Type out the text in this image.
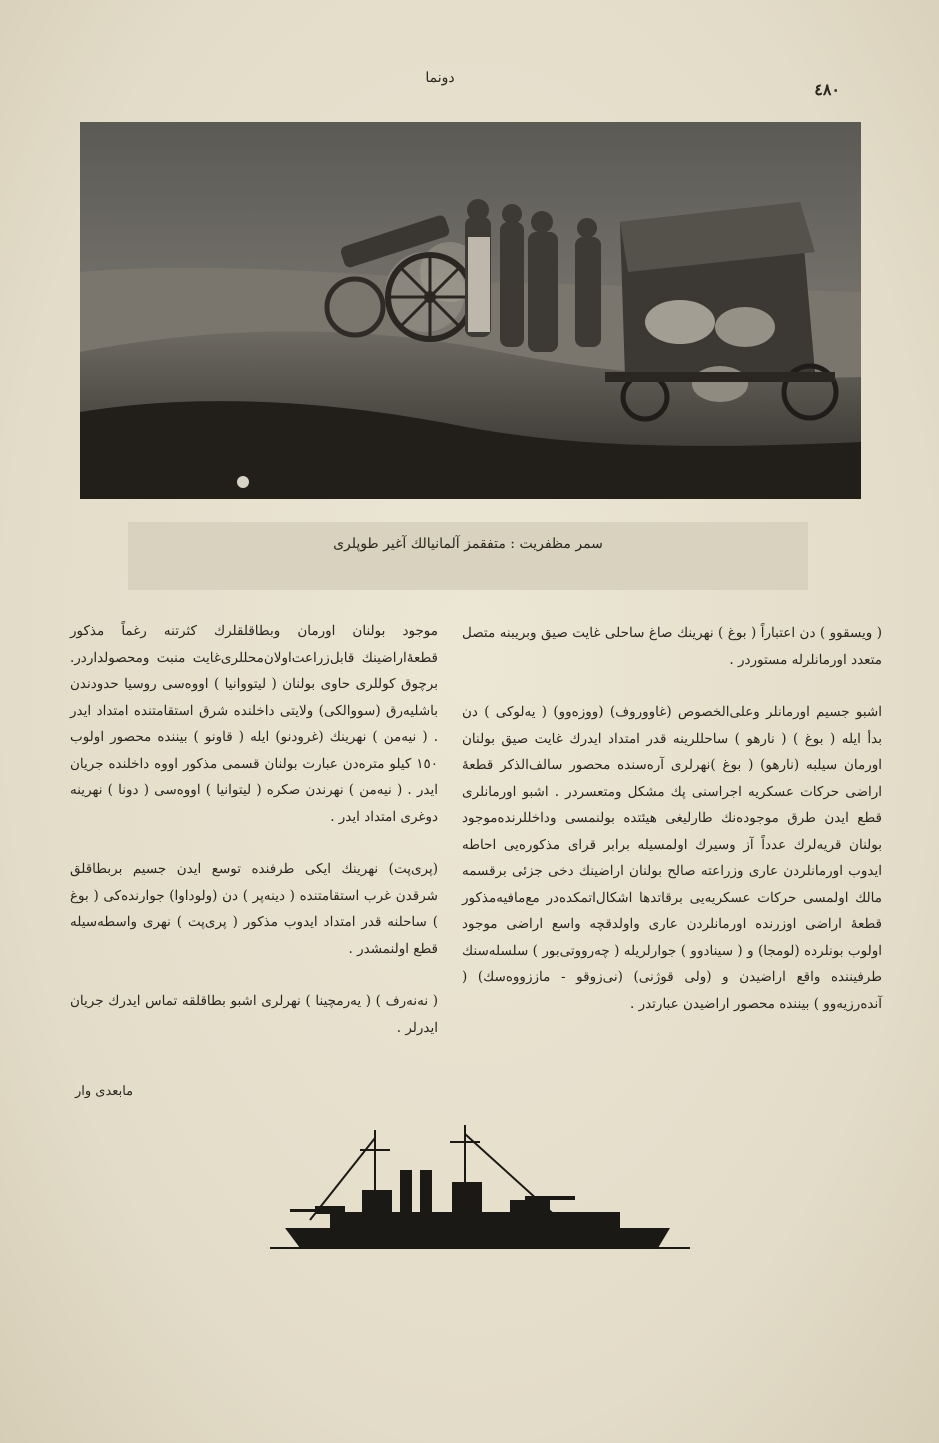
دونما
٤٨٠
سمر مظفریت : متفقمز آلمانیالك آغیر طوپلری

( ویسقوو ) دن اعتباراً ( بوغ ) نهرینك صاغ ساحلی غایت صیق وبریبنه متصل متعدد اورمانلرله مستوردر .

اشبو جسیم اورمانلر وعلی‌الخصوص (غاووروف) (ووزه‌وو) ( یه‌لوکی ) دن بدأ ایله ( بوغ ) ( نارهو ) ساحللرینه قدر امتداد ایدرك غایت صیق بولنان اورمان سیلبه (نارهو) ( بوغ )نهرلری آره‌سنده محصور سالف‌الذکر قطعهٔ اراضی حرکات عسکریه اجراسنی پك مشکل ومتعسردر . اشبو اورمانلری قطع ایدن طرق موجوده‌نك طارلیغی هیئتده بولنمسی وداخللرنده‌موجود بولنان قریه‌لرك عدداً آز وسیرك اولمسیله برابر قرای مذکوره‌یی احاطه ایدوب اورمانلردن عاری وزراعته صالح بولنان اراضینك دخی جزئی برقسمه مالك اولمسی حرکات عسکریه‌یی برقاتدها اشکال‌اتمکده‌در مع‌مافیه‌مذکور قطعهٔ اراضی اوزرنده اورمانلردن عاری واولدقچه واسع اراضی موجود اولوب بونلرده (لومجا) و ( سینادوو ) جوارلریله ( چه‌رووتی‌بور ) سلسله‌سنك طرفیننده واقع اراضیدن و (ولی قوژنی) (نی‌زوقو - ماززووه‌سك) ( آنده‌رزیه‌وو ) بیننده محصور اراضیدن عبارتدر .

موجود بولنان اورمان وبطاقلقلرك کثرتنه رغماً مذکور قطعهٔ‌اراضینك قابل‌زراعت‌اولان‌محللری‌غایت منبت ومحصولداردر. برچوق کوللری حاوی بولنان ( لیتووانیا ) اووه‌سی روسیا حدودندن باشلیه‌رق (سووالکی) ولایتی داخلنده شرق استقامتنده امتداد ایدر . ( نیه‌من ) نهرینك (غرودنو) ایله ( قاونو ) بیننده محصور اولوب ١٥٠ کیلو متره‌دن عبارت بولنان قسمی مذکور اووه داخلنده جریان ایدر . ( نیه‌من ) نهرندن صکره ( لیتوانیا ) اووه‌سی ( دونا ) نهرینه دوغری امتداد ایدر .

(پری‌پت) نهرینك ایکی طرفنده توسع ایدن جسیم بربطاقلق شرقدن غرب استقامتنده ( دینه‌پر ) دن (ولوداوا) جوارنده‌کی ( بوغ ) ساحلنه قدر امتداد ایدوب مذکور ( پری‌پت ) نهری واسطه‌سیله قطع اولنمشدر .

( نه‌نه‌رف ) ( یه‌رمچینا ) نهرلری اشبو بطاقلقه تماس ایدرك جریان ایدرلر .

مابعدی وار
